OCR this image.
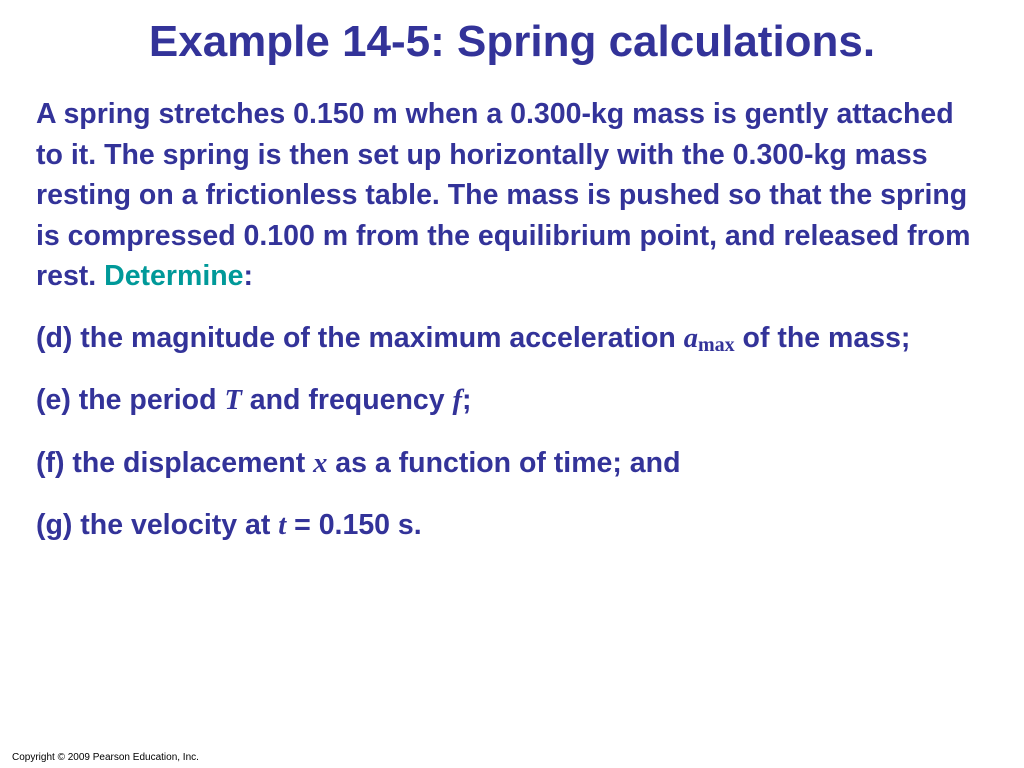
Example 14-5: Spring calculations.

A spring stretches 0.150 m when a 0.300-kg mass is gently attached to it. The spring is then set up horizontally with the 0.300-kg mass resting on a frictionless table. The mass is pushed so that the spring is compressed 0.100 m from the equilibrium point, and released from rest. Determine:

(d) the magnitude of the maximum acceleration $a_{max}$ of the mass;

(e) the period T and frequency f;

(f) the displacement x as a function of time; and

(g) the velocity at t = 0.150 s.

Copyright © 2009 Pearson Education, Inc.
